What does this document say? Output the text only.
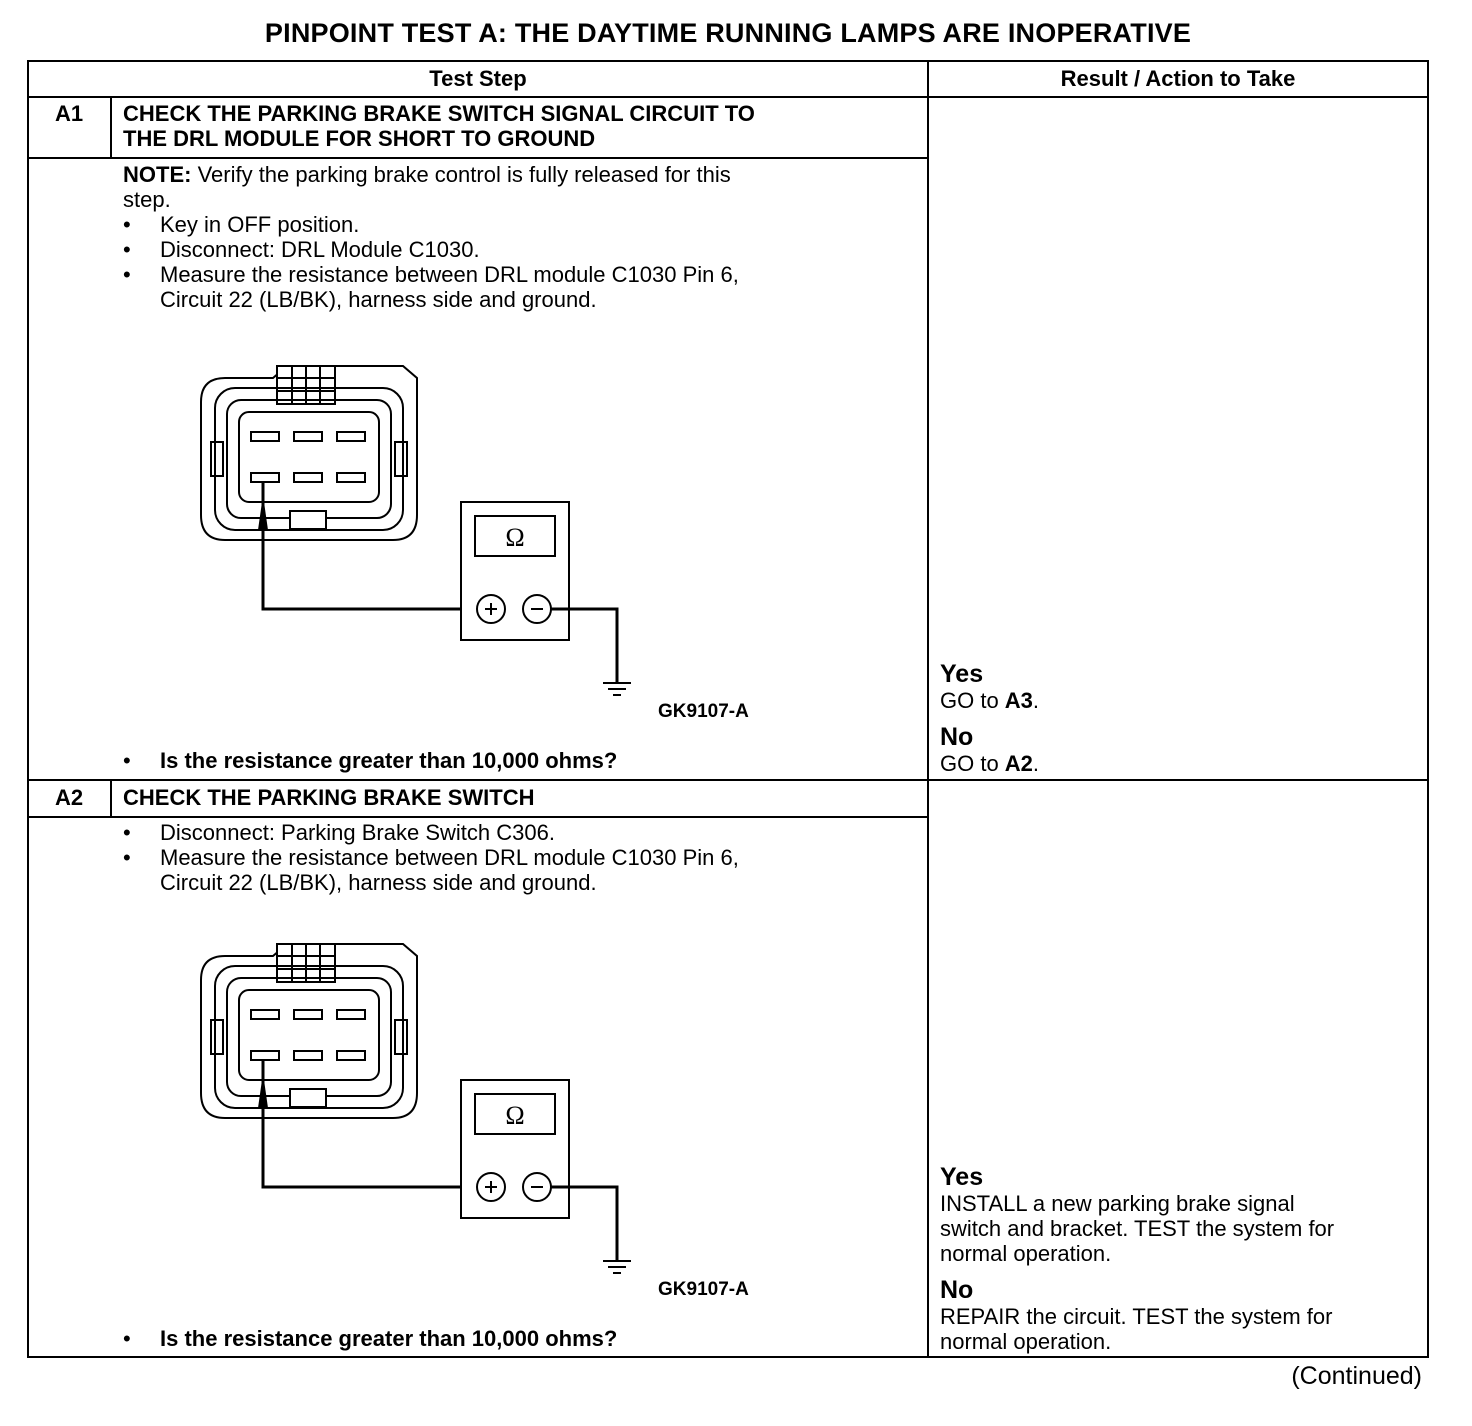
PINPOINT TEST A: THE DAYTIME RUNNING LAMPS ARE INOPERATIVE
Test Step	Result / Action to Take
A1	CHECK THE PARKING BRAKE SWITCH SIGNAL CIRCUIT TO
THE DRL MODULE FOR SHORT TO GROUND
NOTE: Verify the parking brake control is fully released for this
step.
• Key in OFF position.
• Disconnect: DRL Module C1030.
• Measure the resistance between DRL module C1030 Pin 6,
Circuit 22 (LB/BK), harness side and ground.
Ω
GK9107-A
• Is the resistance greater than 10,000 ohms?
Yes
GO to A3.
No
GO to A2.
A2	CHECK THE PARKING BRAKE SWITCH
• Disconnect: Parking Brake Switch C306.
• Measure the resistance between DRL module C1030 Pin 6,
Circuit 22 (LB/BK), harness side and ground.
Ω
GK9107-A
• Is the resistance greater than 10,000 ohms?
Yes
INSTALL a new parking brake signal
switch and bracket. TEST the system for
normal operation.
No
REPAIR the circuit. TEST the system for
normal operation.
(Continued)
